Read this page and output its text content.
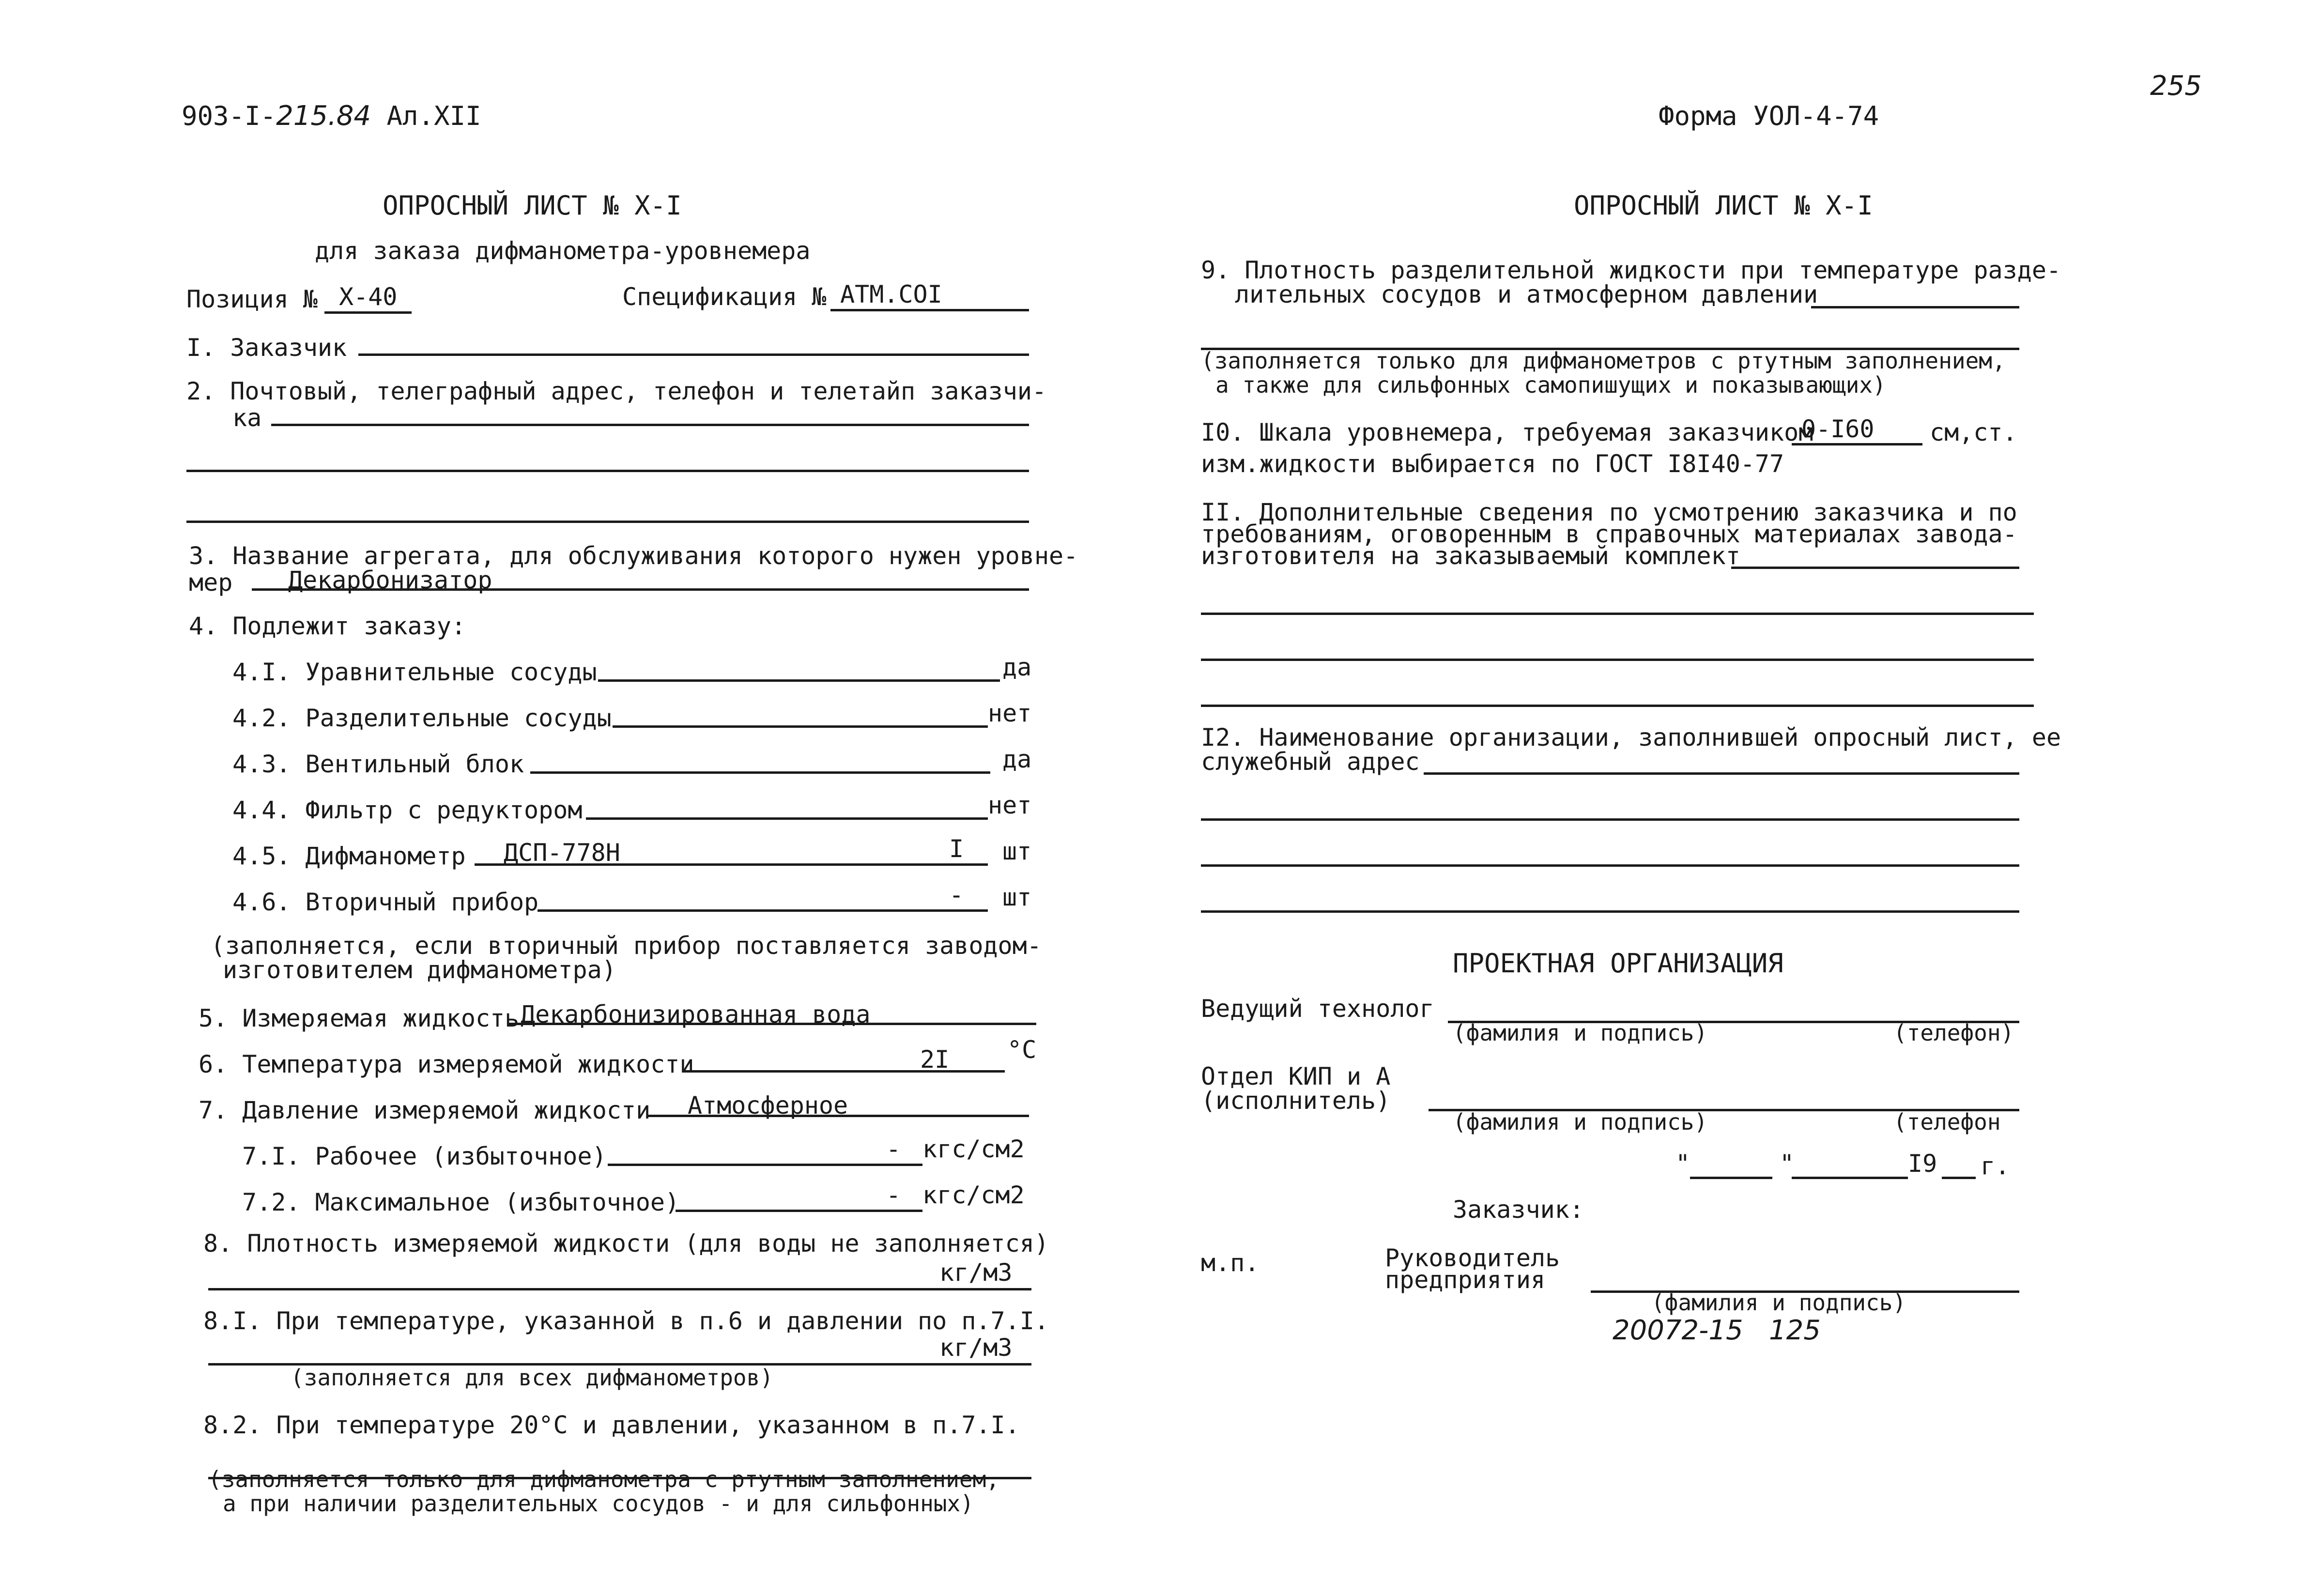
903-I-215.84 Ал.XII	Форма УОЛ-4-74
255
ОПРОСНЫЙ ЛИСТ № X-I
для заказа дифманометра-уровнемера
Позиция № X-40	Спецификация № АТМ.СОI
I. Заказчик
2. Почтовый, телеграфный адрес, телефон и телетайп заказчи-
ка
3. Название агрегата, для обслуживания которого нужен уровне-
мер Декарбонизатор
4. Подлежит заказу:
4.I. Уравнительные сосуды	да
4.2. Разделительные сосуды	нет
4.3. Вентильный блок	да
4.4. Фильтр с редуктором	нет
4.5. Дифманометр ДСП-778Н	I шт
4.6. Вторичный прибор	- шт
(заполняется, если вторичный прибор поставляется заводом-
изготовителем дифманометра)
5. Измеряемая жидкость Декарбонизированная вода
6. Температура измеряемой жидкости	2I °C
7. Давление измеряемой жидкости Атмосферное
7.I. Рабочее (избыточное)	- кгс/см2
7.2. Максимальное (избыточное)	- кгс/см2
8. Плотность измеряемой жидкости (для воды не заполняется)
кг/м3
8.I. При температуре, указанной в п.6 и давлении по п.7.I.
кг/м3
(заполняется для всех дифманометров)
8.2. При температуре 20°C и давлении, указанном в п.7.I.
(заполняется только для дифманометра с ртутным заполнением,
а при наличии разделительных сосудов - и для сильфонных)
ОПРОСНЫЙ ЛИСТ № X-I
9. Плотность разделительной жидкости при температуре разде-
лительных сосудов и атмосферном давлении
(заполняется только для дифманометров с ртутным заполнением,
а также для сильфонных самопишущих и показывающих)
I0. Шкала уровнемера, требуемая заказчиком
0-I60 см,ст.
изм.жидкости выбирается по ГОСТ I8I40-77
II. Дополнительные сведения по усмотрению заказчика и по
требованиям, оговоренным в справочных материалах завода-
изготовителя на заказываемый комплект
I2. Наименование организации, заполнившей опросный лист, ее
служебный адрес
ПРОЕКТНАЯ ОРГАНИЗАЦИЯ
Ведущий технолог
(фамилия и подпись)	(телефон)
Отдел КИП и А
(исполнитель)
(фамилия и подпись)	(телефон
"	"	I9 г.
Заказчик:
м.п.	Руководитель
предприятия
(фамилия и подпись)
20072-15 125
